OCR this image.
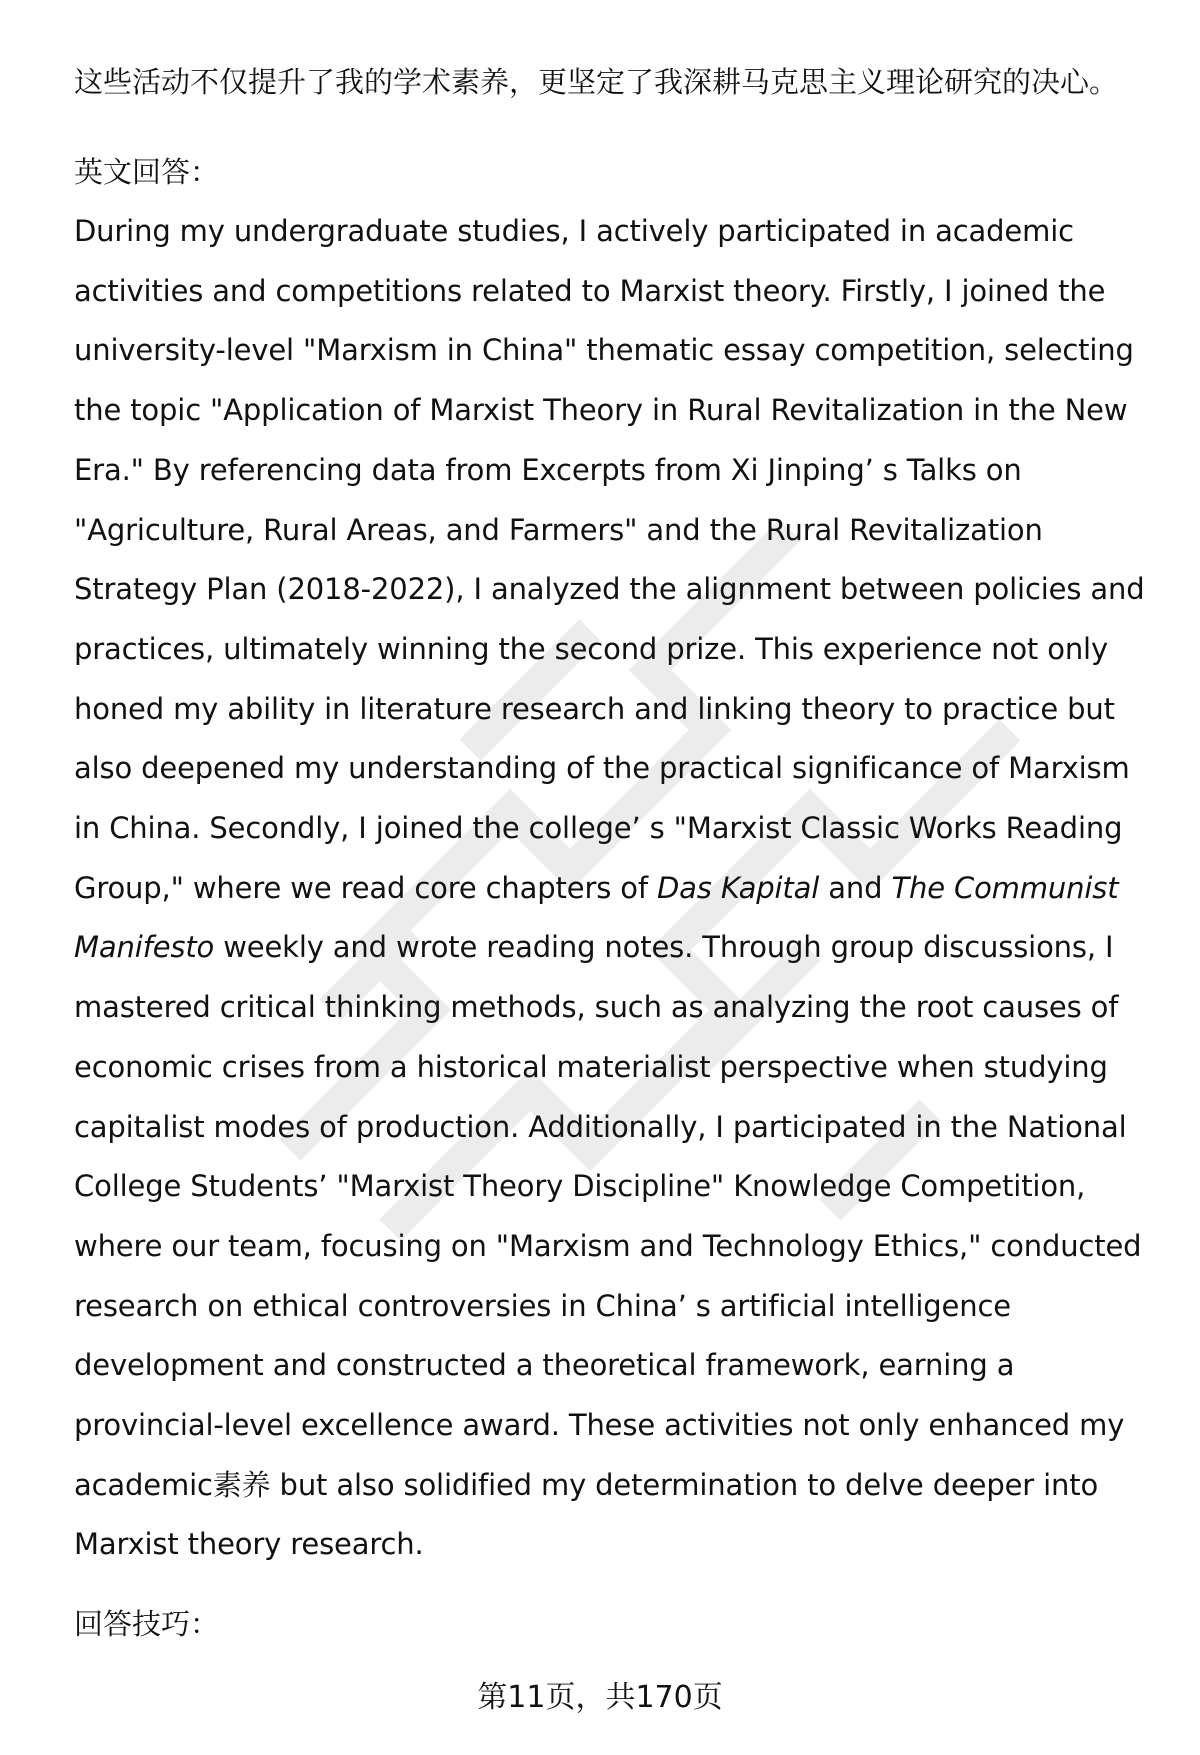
这些活动不仅提升了我的学术素养，更坚定了我深耕马克思主义理论研究的决心。

英文回答：

During my undergraduate studies, I actively participated in academic activities and competitions related to Marxist theory. Firstly, I joined the university-level "Marxism in China" thematic essay competition, selecting the topic "Application of Marxist Theory in Rural Revitalization in the New Era." By referencing data from Excerpts from Xi Jinping’ s Talks on "Agriculture, Rural Areas, and Farmers" and the Rural Revitalization Strategy Plan (2018-2022), I analyzed the alignment between policies and practices, ultimately winning the second prize. This experience not only honed my ability in literature research and linking theory to practice but also deepened my understanding of the practical significance of Marxism in China. Secondly, I joined the college’ s "Marxist Classic Works Reading Group," where we read core chapters of Das Kapital and The Communist Manifesto weekly and wrote reading notes. Through group discussions, I mastered critical thinking methods, such as analyzing the root causes of economic crises from a historical materialist perspective when studying capitalist modes of production. Additionally, I participated in the National College Students’ "Marxist Theory Discipline" Knowledge Competition, where our team, focusing on "Marxism and Technology Ethics," conducted research on ethical controversies in China’ s artificial intelligence development and constructed a theoretical framework, earning a provincial-level excellence award. These activities not only enhanced my academic素养 but also solidified my determination to delve deeper into Marxist theory research.

回答技巧：

第11页，共170页
